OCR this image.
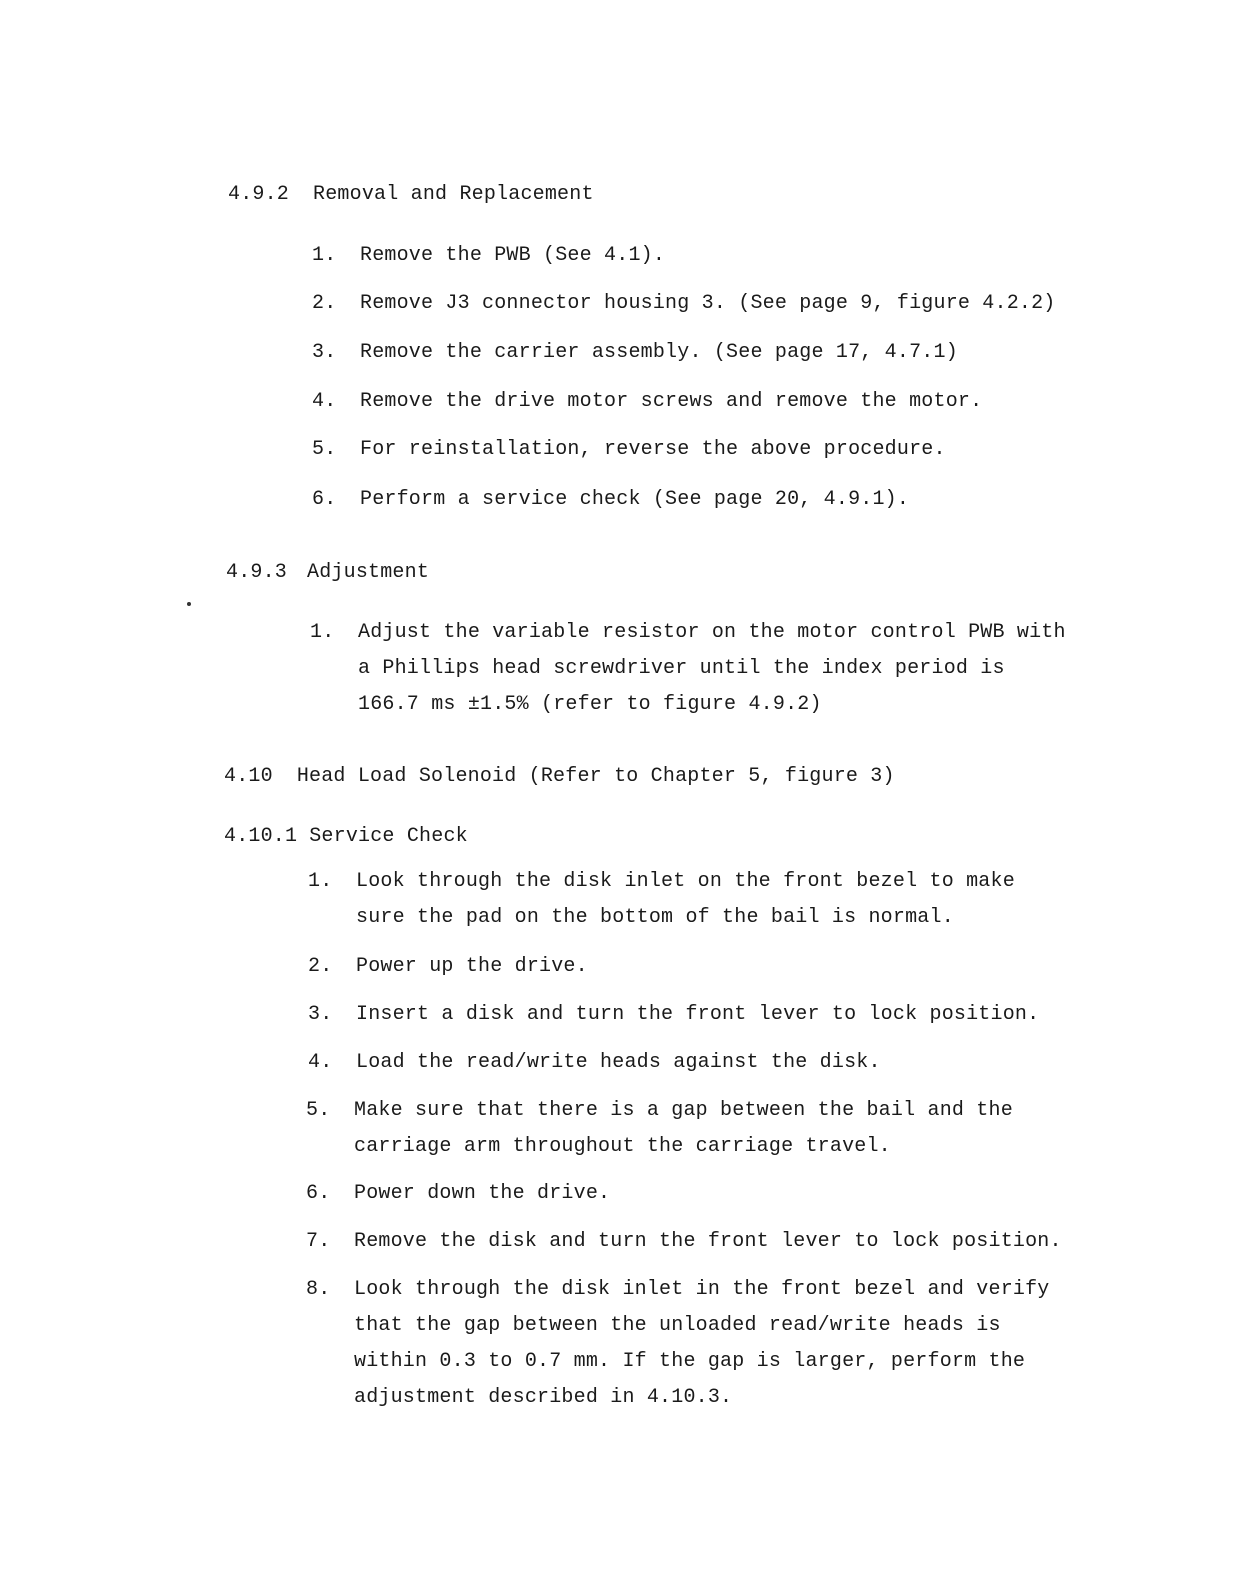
4.9.2 Removal and Replacement
1. Remove the PWB (See 4.1).
2. Remove J3 connector housing 3. (See page 9, figure 4.2.2)
3. Remove the carrier assembly. (See page 17, 4.7.1)
4. Remove the drive motor screws and remove the motor.
5. For reinstallation, reverse the above procedure.
6. Perform a service check (See page 20, 4.9.1).
4.9.3 Adjustment
1. Adjust the variable resistor on the motor control PWB with
a Phillips head screwdriver until the index period is
166.7 ms ±1.5% (refer to figure 4.9.2)
4.10 Head Load Solenoid (Refer to Chapter 5, figure 3)
4.10.1 Service Check
1. Look through the disk inlet on the front bezel to make
sure the pad on the bottom of the bail is normal.
2. Power up the drive.
3. Insert a disk and turn the front lever to lock position.
4. Load the read/write heads against the disk.
5. Make sure that there is a gap between the bail and the
carriage arm throughout the carriage travel.
6. Power down the drive.
7. Remove the disk and turn the front lever to lock position.
8. Look through the disk inlet in the front bezel and verify
that the gap between the unloaded read/write heads is
within 0.3 to 0.7 mm. If the gap is larger, perform the
adjustment described in 4.10.3.
